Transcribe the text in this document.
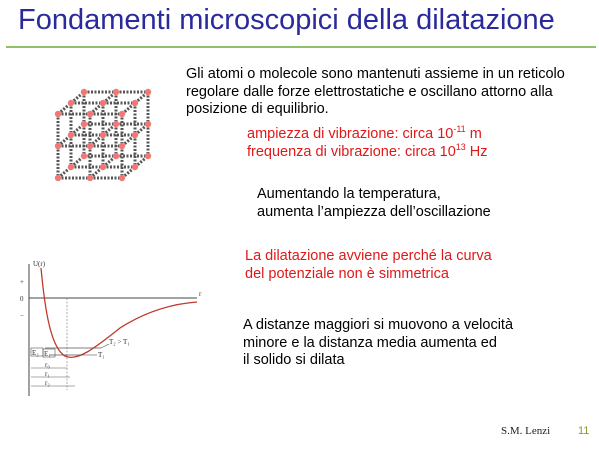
Fondamenti microscopici della dilatazione
Gli atomi o molecole sono mantenuti assieme in un reticolo
regolare dalle forze elettrostatiche e oscillano attorno alla
posizione di equilibrio.
ampiezza di vibrazione: circa $10^{-11}$ m
frequenza di vibrazione: circa $10^{13}$ Hz
Aumentando la temperatura,
aumenta l’ampiezza dell’oscillazione
La dilatazione avviene perché la curva
del potenziale non è simmetrica
A distanze maggiori si muovono a velocità
minore e la distanza media aumenta ed
il solido si dilata
U(r)
r
+
0
−
E₂ E₁
T₂ > T₁
T₁
r₀
r₁
r₂
S.M. Lenzi	11
